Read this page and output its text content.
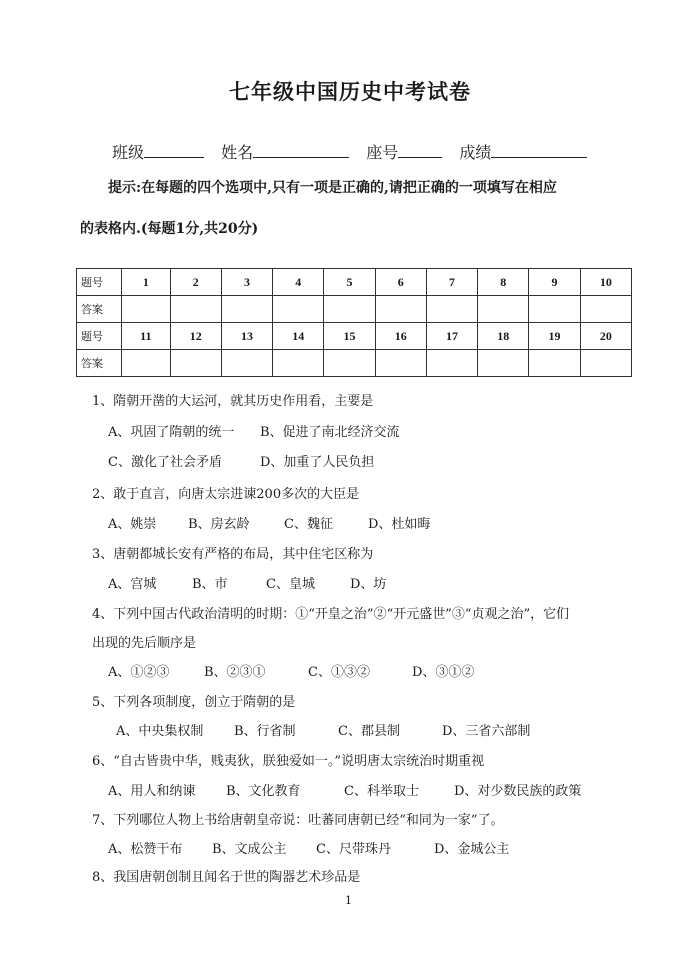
七年级中国历史中考试卷
班级	姓名	座号	成绩
提示:在每题的四个选项中,只有一项是正确的,请把正确的一项填写在相应
的表格内.(每题1分,共20分)
题号	1	2	3	4	5	6	7	8	9	10
答案										
题号	11	12	13	14	15	16	17	18	19	20
答案										
1、隋朝开凿的大运河，就其历史作用看，主要是
A、巩固了隋朝的统一 B、促进了南北经济交流
C、激化了社会矛盾	D、加重了人民负担
2、敢于直言，向唐太宗进谏200多次的大臣是
A、姚崇 B、房玄龄	C、魏征	D、杜如晦
3、唐朝都城长安有严格的布局，其中住宅区称为
A、宫城	B、市	C、皇城	D、坊
4、下列中国古代政治清明的时期：①“开皇之治”②“开元盛世”③“贞观之治”，它们
出现的先后顺序是
A、①②③	B、②③①	C、①③②	D、③①②
5、下列各项制度，创立于隋朝的是
A、中央集权制 B、行省制	C、郡县制	D、三省六部制
6、“自古皆贵中华，贱夷狄，朕独爱如一。”说明唐太宗统治时期重视
A、用人和纳谏 B、文化教育	C、科举取士	D、对少数民族的政策
7、下列哪位人物上书给唐朝皇帝说：吐蕃同唐朝已经“和同为一家”了。
A、松赞干布 B、文成公主 C、尺带珠丹	D、金城公主
8、我国唐朝创制且闻名于世的陶器艺术珍品是
1
